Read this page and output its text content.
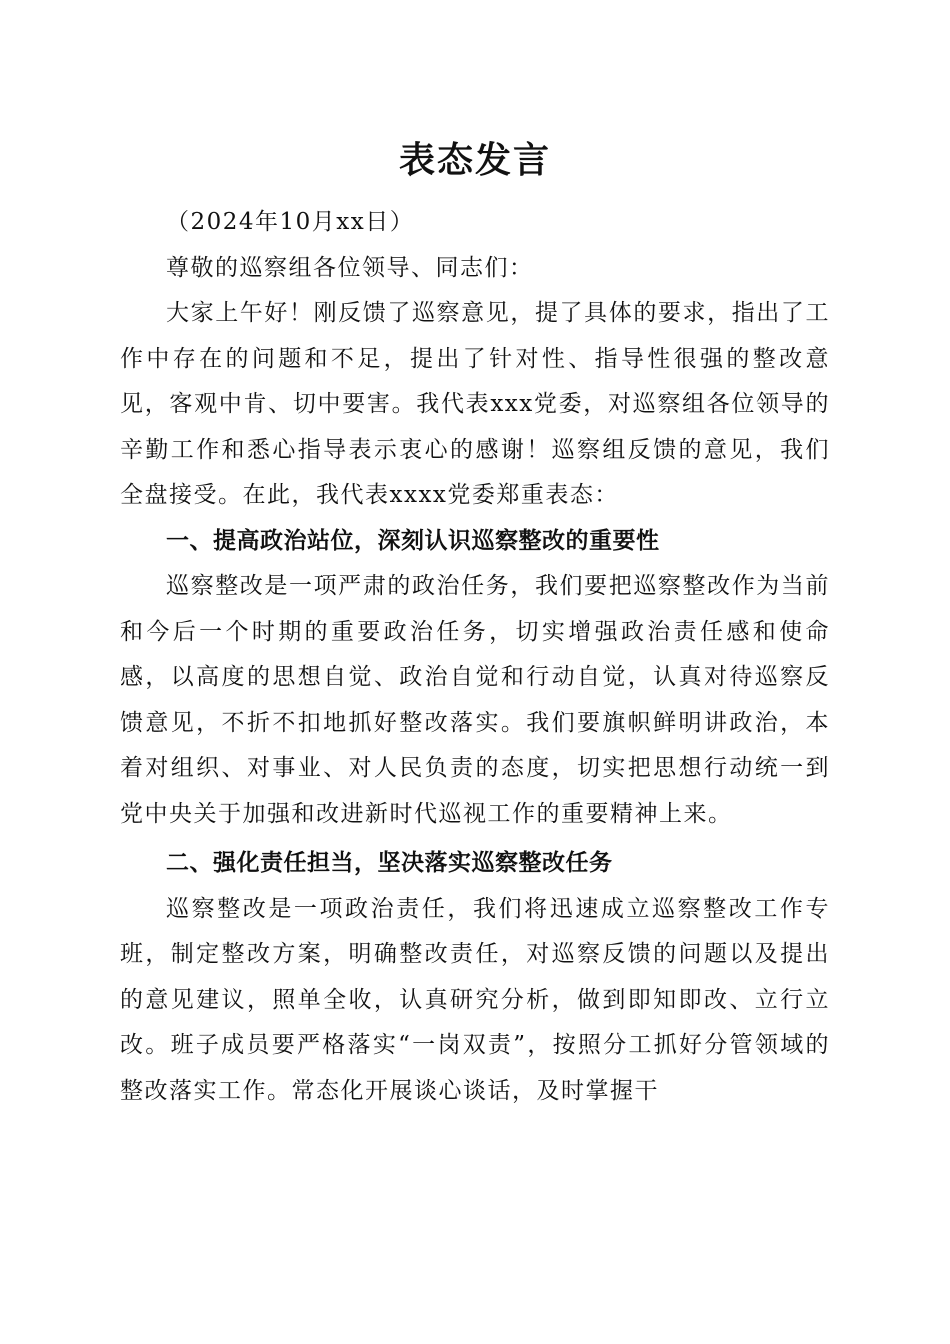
表态发言

（2024年10月xx日）

尊敬的巡察组各位领导、同志们：

大家上午好！刚反馈了巡察意见，提了具体的要求，指出了工作中存在的问题和不足，提出了针对性、指导性很强的整改意见，客观中肯、切中要害。我代表xxx党委，对巡察组各位领导的辛勤工作和悉心指导表示衷心的感谢！巡察组反馈的意见，我们全盘接受。在此，我代表xxxx党委郑重表态：

一、提高政治站位，深刻认识巡察整改的重要性

巡察整改是一项严肃的政治任务，我们要把巡察整改作为当前和今后一个时期的重要政治任务，切实增强政治责任感和使命感，以高度的思想自觉、政治自觉和行动自觉，认真对待巡察反馈意见，不折不扣地抓好整改落实。我们要旗帜鲜明讲政治，本着对组织、对事业、对人民负责的态度，切实把思想行动统一到党中央关于加强和改进新时代巡视工作的重要精神上来。

二、强化责任担当，坚决落实巡察整改任务

巡察整改是一项政治责任，我们将迅速成立巡察整改工作专班，制定整改方案，明确整改责任，对巡察反馈的问题以及提出的意见建议，照单全收，认真研究分析，做到即知即改、立行立改。班子成员要严格落实“一岗双责”，按照分工抓好分管领域的整改落实工作。常态化开展谈心谈话，及时掌握干
